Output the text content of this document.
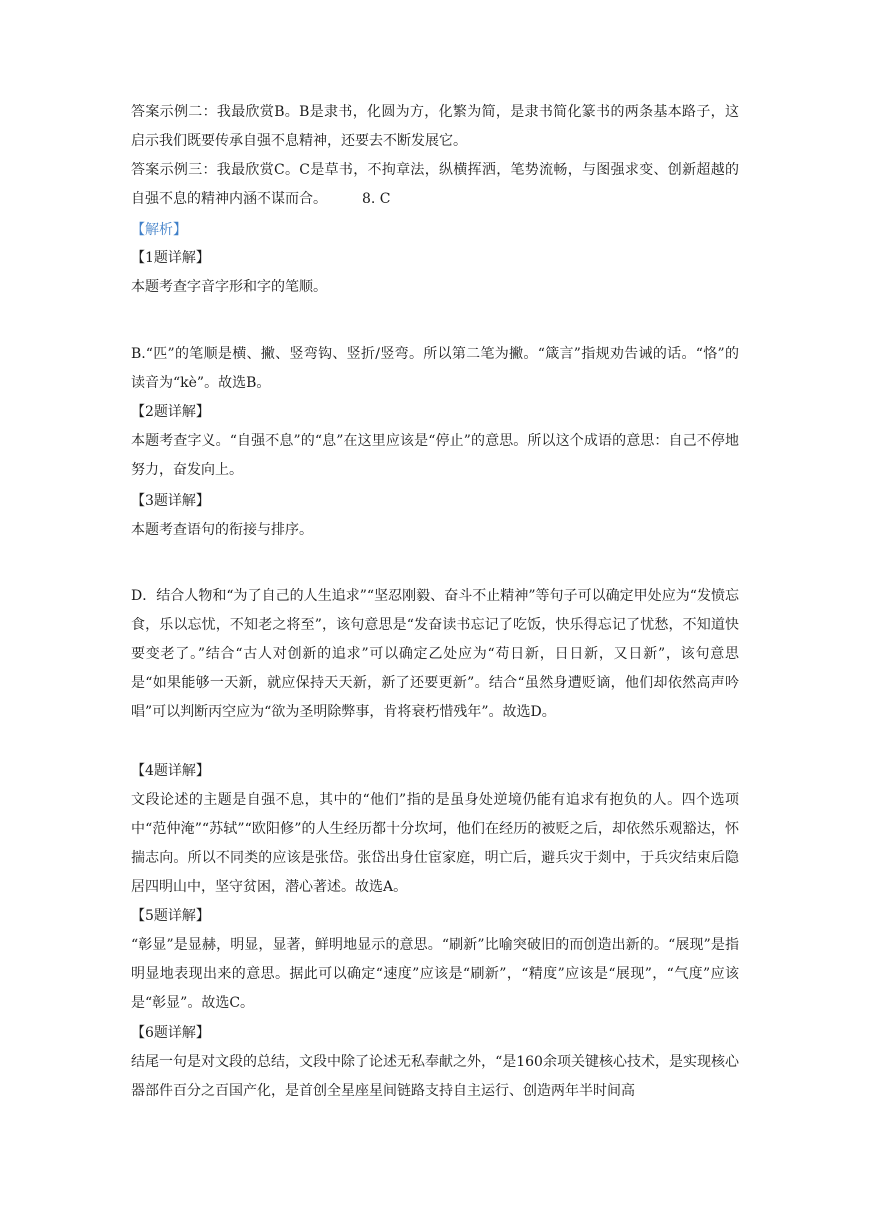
答案示例二：我最欣赏B。B是隶书，化圆为方，化繁为简，是隶书简化篆书的两条基本路子，这启示我们既要传承自强不息精神，还要去不断发展它。
答案示例三：我最欣赏C。C是草书，不拘章法，纵横挥洒，笔势流畅，与图强求变、创新超越的自强不息的精神内涵不谋而合。　　　8. C
【解析】
【1题详解】
本题考查字音字形和字的笔顺。
B.“匹”的笔顺是横、撇、竖弯钩、竖折/竖弯。所以第二笔为撇。“箴言”指规劝告诫的话。“恪”的读音为“kè”。故选B。
【2题详解】
本题考查字义。“自强不息”的“息”在这里应该是“停止”的意思。所以这个成语的意思：自己不停地努力，奋发向上。
【3题详解】
本题考查语句的衔接与排序。
D．结合人物和“为了自己的人生追求”“坚忍刚毅、奋斗不止精神”等句子可以确定甲处应为“发愤忘食，乐以忘忧，不知老之将至”，该句意思是“发奋读书忘记了吃饭，快乐得忘记了忧愁，不知道快要变老了。”结合“古人对创新的追求”可以确定乙处应为“苟日新，日日新，又日新”，该句意思是“如果能够一天新，就应保持天天新，新了还要更新”。结合“虽然身遭贬谪，他们却依然高声吟唱”可以判断丙空应为“欲为圣明除弊事，肯将衰朽惜残年”。故选D。
【4题详解】
文段论述的主题是自强不息，其中的“他们”指的是虽身处逆境仍能有追求有抱负的人。四个选项中“范仲淹”“苏轼”“欧阳修”的人生经历都十分坎坷，他们在经历的被贬之后，却依然乐观豁达，怀揣志向。所以不同类的应该是张岱。张岱出身仕宦家庭，明亡后，避兵灾于剡中，于兵灾结束后隐居四明山中，坚守贫困，潜心著述。故选A。
【5题详解】
“彰显”是显赫，明显，显著，鲜明地显示的意思。“刷新”比喻突破旧的而创造出新的。“展现”是指明显地表现出来的意思。据此可以确定“速度”应该是“刷新”，“精度”应该是“展现”，“气度”应该是“彰显”。故选C。
【6题详解】
结尾一句是对文段的总结，文段中除了论述无私奉献之外，“是160余项关键核心技术，是实现核心器部件百分之百国产化，是首创全星座星间链路支持自主运行、创造两年半时间高
